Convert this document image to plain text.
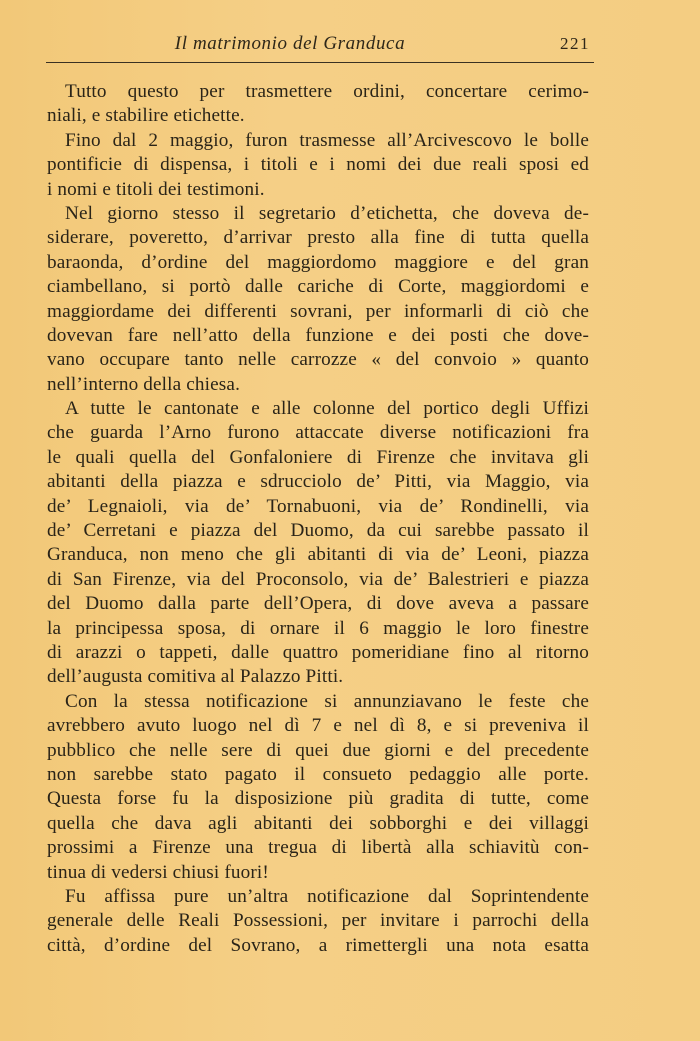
Il matrimonio del Granduca	221
Tutto questo per trasmettere ordini, concertare cerimo-
niali, e stabilire etichette.
Fino dal 2 maggio, furon trasmesse all’Arcivescovo le bolle
pontificie di dispensa, i titoli e i nomi dei due reali sposi ed
i nomi e titoli dei testimoni.
Nel giorno stesso il segretario d’etichetta, che doveva de-
siderare, poveretto, d’arrivar presto alla fine di tutta quella
baraonda, d’ordine del maggiordomo maggiore e del gran
ciambellano, si portò dalle cariche di Corte, maggiordomi e
maggiordame dei differenti sovrani, per informarli di ciò che
dovevan fare nell’atto della funzione e dei posti che dove-
vano occupare tanto nelle carrozze « del convoio » quanto
nell’interno della chiesa.
A tutte le cantonate e alle colonne del portico degli Uffizi
che guarda l’Arno furono attaccate diverse notificazioni fra
le quali quella del Gonfaloniere di Firenze che invitava gli
abitanti della piazza e sdrucciolo de’ Pitti, via Maggio, via
de’ Legnaioli, via de’ Tornabuoni, via de’ Rondinelli, via
de’ Cerretani e piazza del Duomo, da cui sarebbe passato il
Granduca, non meno che gli abitanti di via de’ Leoni, piazza
di San Firenze, via del Proconsolo, via de’ Balestrieri e piazza
del Duomo dalla parte dell’Opera, di dove aveva a passare
la principessa sposa, di ornare il 6 maggio le loro finestre
di arazzi o tappeti, dalle quattro pomeridiane fino al ritorno
dell’augusta comitiva al Palazzo Pitti.
Con la stessa notificazione si annunziavano le feste che
avrebbero avuto luogo nel dì 7 e nel dì 8, e si preveniva il
pubblico che nelle sere di quei due giorni e del precedente
non sarebbe stato pagato il consueto pedaggio alle porte.
Questa forse fu la disposizione più gradita di tutte, come
quella che dava agli abitanti dei sobborghi e dei villaggi
prossimi a Firenze una tregua di libertà alla schiavitù con-
tinua di vedersi chiusi fuori!
Fu affissa pure un’altra notificazione dal Soprintendente
generale delle Reali Possessioni, per invitare i parrochi della
città, d’ordine del Sovrano, a rimettergli una nota esatta
